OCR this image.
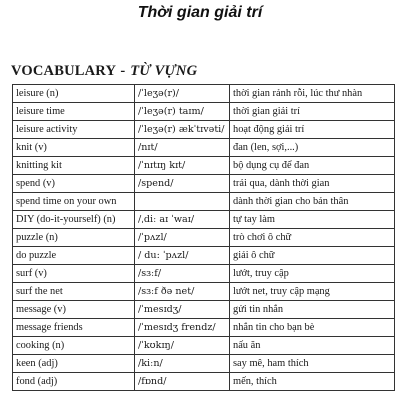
Thời gian giải trí
VOCABULARY - TỪ VỰNG
leisure (n)	/ˈleʒə(r)/	thời gian rảnh rỗi, lúc thư nhàn
leisure time	/ˈleʒə(r) taɪm/	thời gian giải trí
leisure activity	/ˈleʒə(r) ækˈtɪvəti/	hoạt động giải trí
knit (v)	/nɪt/	đan (len, sợi,...)
knitting kit	/ˈnɪtɪŋ kɪt/	bộ dụng cụ để đan
spend (v)	/spend/	trải qua, dành thời gian
spend time on your own		dành thời gian cho bản thân
DIY (do-it-yourself) (n)	/ˌdiː aɪ ˈwaɪ/	tự tay làm
puzzle (n)	/ˈpʌzl/	trò chơi ô chữ
do puzzle	/ du: ˈpʌzl/	giải ô chữ
surf (v)	/sɜːf/	lướt, truy cập
surf the net	/sɜːf ðə net/	lướt net, truy cập mạng
message (v)	/ˈmesɪdʒ/	gửi tin nhắn
message friends	/ˈmesɪdʒ frendz/	nhắn tin cho bạn bè
cooking (n)	/ˈkʊkɪŋ/	nấu ăn
keen (adj)	/kiːn/	say mê, ham thích
fond (adj)	/fɒnd/	mến, thích
